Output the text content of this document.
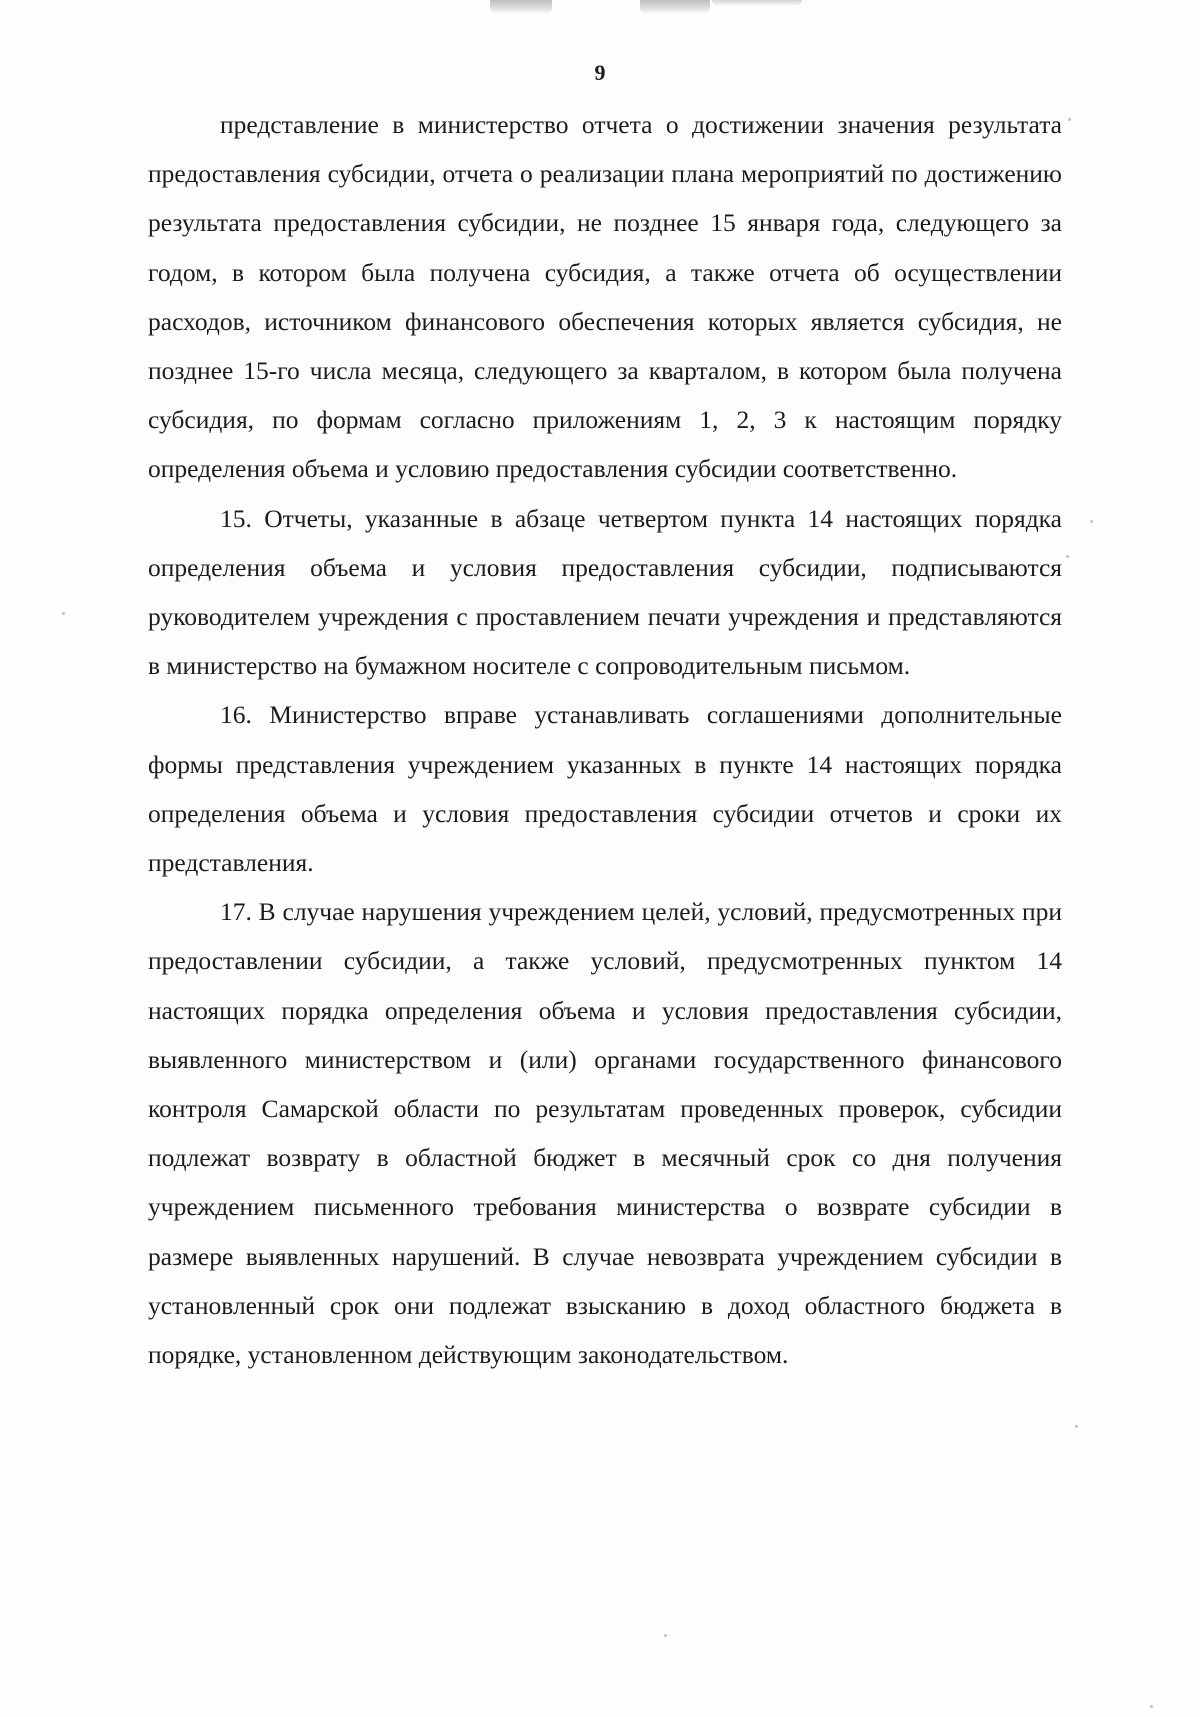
9

представление в министерство отчета о достижении значения результата предоставления субсидии, отчета о реализации плана мероприятий по достижению результата предоставления субсидии, не позднее 15 января года, следующего за годом, в котором была получена субсидия, а также отчета об осуществлении расходов, источником финансового обеспечения которых является субсидия, не позднее 15-го числа месяца, следующего за кварталом, в котором была получена субсидия, по формам согласно приложениям 1, 2, 3 к настоящим порядку определения объема и условию предоставления субсидии соответственно.

15. Отчеты, указанные в абзаце четвертом пункта 14 настоящих порядка определения объема и условия предоставления субсидии, подписываются руководителем учреждения с проставлением печати учреждения и представляются в министерство на бумажном носителе с сопроводительным письмом.

16. Министерство вправе устанавливать соглашениями дополнительные формы представления учреждением указанных в пункте 14 настоящих порядка определения объема и условия предоставления субсидии отчетов и сроки их представления.

17. В случае нарушения учреждением целей, условий, предусмотренных при предоставлении субсидии, а также условий, предусмотренных пунктом 14 настоящих порядка определения объема и условия предоставления субсидии, выявленного министерством и (или) органами государственного финансового контроля Самарской области по результатам проведенных проверок, субсидии подлежат возврату в областной бюджет в месячный срок со дня получения учреждением письменного требования министерства о возврате субсидии в размере выявленных нарушений. В случае невозврата учреждением субсидии в установленный срок они подлежат взысканию в доход областного бюджета в порядке, установленном действующим законодательством.
